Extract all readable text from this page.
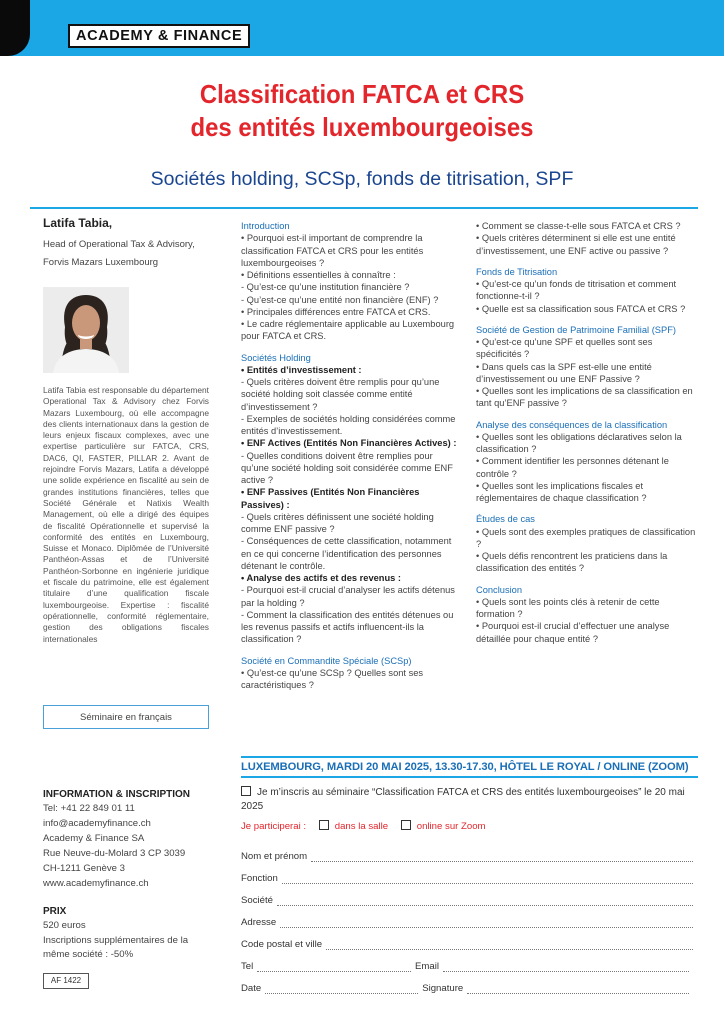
ACADEMY & FINANCE
Classification FATCA et CRS
des entités luxembourgeoises
Sociétés holding, SCSp, fonds de titrisation, SPF
Latifa Tabia,
Head of Operational Tax & Advisory,
Forvis Mazars Luxembourg
Latifa Tabia est responsable du département Operational Tax & Advisory chez Forvis Mazars Luxembourg, où elle accompagne des clients internationaux dans la gestion de leurs enjeux fiscaux complexes, avec une expertise particulière sur FATCA, CRS, DAC6, QI, FASTER, PILLAR 2. Avant de rejoindre Forvis Mazars, Latifa a développé une solide expérience en fiscalité au sein de grandes institutions financières, telles que Société Générale et Natixis Wealth Management, où elle a dirigé des équipes de fiscalité Opérationnelle et supervisé la conformité des entités en Luxembourg, Suisse et Monaco. Diplômée de l’Université Panthéon-Assas et de l’Université Panthéon-Sorbonne en ingénierie juridique et fiscale du patrimoine, elle est également titulaire d’une qualification fiscale luxembourgeoise. Expertise : fiscalité opérationnelle, conformité réglementaire, gestion des obligations fiscales internationales
Séminaire en français
Introduction
• Pourquoi est-il important de comprendre la classification FATCA et CRS pour les entités luxembourgeoises ?
• Définitions essentielles à connaître :
- Qu’est-ce qu’une institution financière ?
- Qu’est-ce qu’une entité non financière (ENF) ?
• Principales différences entre FATCA et CRS.
• Le cadre réglementaire applicable au Luxembourg pour FATCA et CRS.
Sociétés Holding
• Entités d’investissement :
- Quels critères doivent être remplis pour qu’une société holding soit classée comme entité d’investissement ?
- Exemples de sociétés holding considérées comme entités d’investissement.
• ENF Actives (Entités Non Financières Actives) :
- Quelles conditions doivent être remplies pour qu’une société holding soit considérée comme ENF active ?
• ENF Passives (Entités Non Financières Passives) :
- Quels critères définissent une société holding comme ENF passive ?
- Conséquences de cette classification, notamment en ce qui concerne l’identification des personnes détenant le contrôle.
• Analyse des actifs et des revenus :
- Pourquoi est-il crucial d’analyser les actifs détenus par la holding ?
- Comment la classification des entités détenues ou les revenus passifs et actifs influencent-ils la classification ?
Société en Commandite Spéciale (SCSp)
• Qu’est-ce qu’une SCSp ? Quelles sont ses caractéristiques ?
• Comment se classe-t-elle sous FATCA et CRS ?
• Quels critères déterminent si elle est une entité d’investissement, une ENF active ou passive ?
Fonds de Titrisation
• Qu’est-ce qu’un fonds de titrisation et comment fonctionne-t-il ?
• Quelle est sa classification sous FATCA et CRS ?
Société de Gestion de Patrimoine Familial (SPF)
• Qu’est-ce qu’une SPF et quelles sont ses spécificités ?
• Dans quels cas la SPF est-elle une entité d’investissement ou une ENF Passive ?
• Quelles sont les implications de sa classification en tant qu’ENF passive ?
Analyse des conséquences de la classification
• Quelles sont les obligations déclaratives selon la classification ?
• Comment identifier les personnes détenant le contrôle ?
• Quelles sont les implications fiscales et réglementaires de chaque classification ?
Études de cas
• Quels sont des exemples pratiques de classification ?
• Quels défis rencontrent les praticiens dans la classification des entités ?
Conclusion
• Quels sont les points clés à retenir de cette formation ?
• Pourquoi est-il crucial d’effectuer une analyse détaillée pour chaque entité ?
LUXEMBOURG, MARDI 20 MAI 2025, 13.30-17.30, HÔTEL LE ROYAL / ONLINE (ZOOM)
INFORMATION & INSCRIPTION
Tel: +41 22 849 01 11
info@academyfinance.ch
Academy & Finance SA
Rue Neuve-du-Molard 3 CP 3039
CH-1211 Genève 3
www.academyfinance.ch
PRIX
520 euros
Inscriptions supplémentaires de la
même société : -50%
AF 1422
Je m’inscris au séminaire “Classification FATCA et CRS des entités luxembourgeoises” le 20 mai 2025
Je participerai :	dans la salle	online sur Zoom
Nom et prénom
Fonction
Société
Adresse
Code postal et ville
Tel	Email
Date	Signature
